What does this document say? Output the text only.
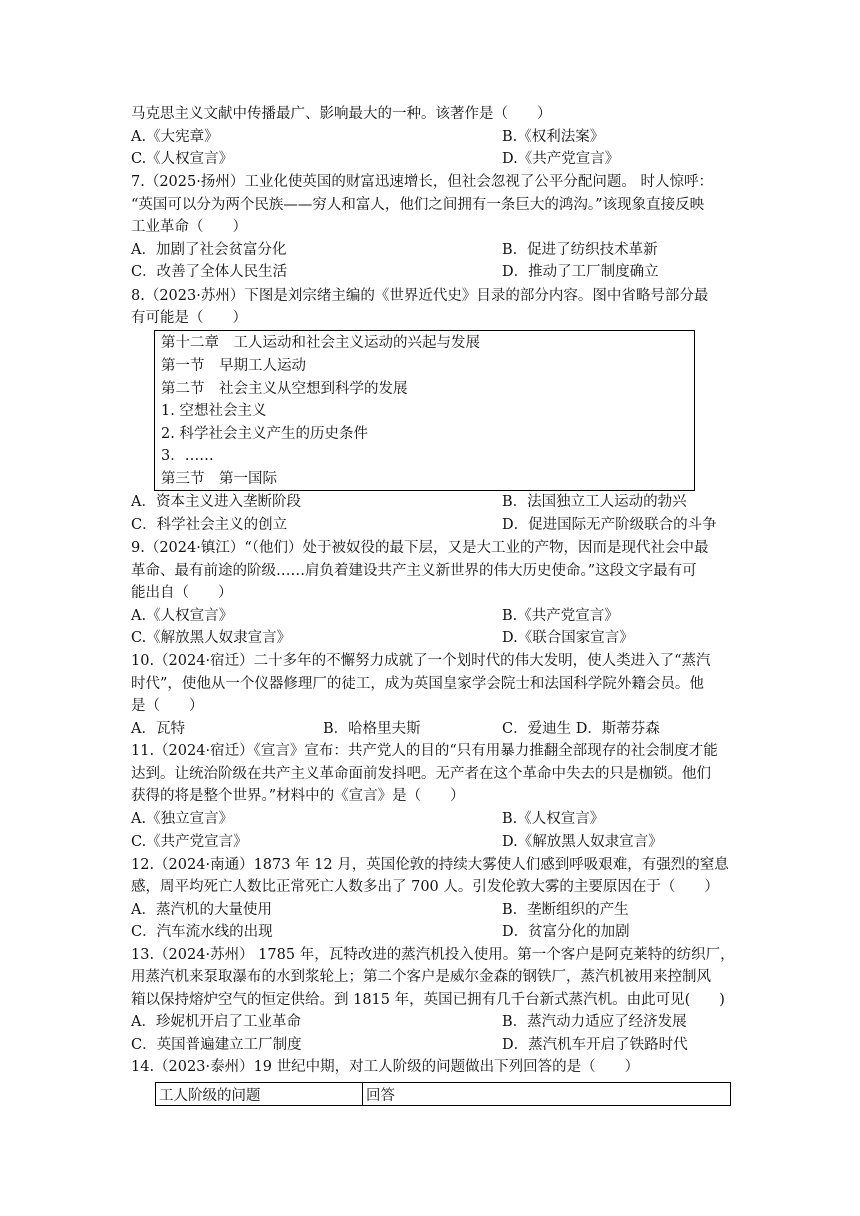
马克思主义文献中传播最广、影响最大的一种。该著作是（　　）
A.《大宪章》	B.《权利法案》
C.《人权宣言》	D.《共产党宣言》
7.（2025·扬州）工业化使英国的财富迅速增长，但社会忽视了公平分配问题。 时人惊呼：
“英国可以分为两个民族——穷人和富人，他们之间拥有一条巨大的鸿沟。”该现象直接反映
工业革命（　　）
A．加剧了社会贫富分化	B．促进了纺织技术革新
C．改善了全体人民生活	D．推动了工厂制度确立
8.（2023·苏州）下图是刘宗绪主编的《世界近代史》目录的部分内容。图中省略号部分最
有可能是（　　）
第十二章　工人运动和社会主义运动的兴起与发展
第一节　早期工人运动
第二节　社会主义从空想到科学的发展
1. 空想社会主义
2. 科学社会主义产生的历史条件
3．……
第三节　第一国际
A．资本主义进入垄断阶段	B．法国独立工人运动的勃兴
C．科学社会主义的创立	D．促进国际无产阶级联合的斗争
9.（2024·镇江）“（他们）处于被奴役的最下层，又是大工业的产物，因而是现代社会中最
革命、最有前途的阶级……肩负着建设共产主义新世界的伟大历史使命。”这段文字最有可
能出自（　　）
A.《人权宣言》	B.《共产党宣言》
C.《解放黑人奴隶宣言》	D.《联合国家宣言》
10.（2024·宿迁）二十多年的不懈努力成就了一个划时代的伟大发明，使人类进入了“蒸汽
时代”，使他从一个仪器修理厂的徒工，成为英国皇家学会院士和法国科学院外籍会员。他
是（　　）
A．瓦特	B．哈格里夫斯	C．爱迪生 D．斯蒂芬森
11.（2024·宿迁）《宣言》宣布：共产党人的目的“只有用暴力推翻全部现存的社会制度才能
达到。让统治阶级在共产主义革命面前发抖吧。无产者在这个革命中失去的只是枷锁。他们
获得的将是整个世界。”材料中的《宣言》是（　　）
A.《独立宣言》	B.《人权宣言》
C.《共产党宣言》	D.《解放黑人奴隶宣言》
12.（2024·南通）1873 年 12 月，英国伦敦的持续大雾使人们感到呼吸艰难，有强烈的窒息
感，周平均死亡人数比正常死亡人数多出了 700 人。引发伦敦大雾的主要原因在于（　　）
A．蒸汽机的大量使用	B．垄断组织的产生
C．汽车流水线的出现	D．贫富分化的加剧
13.（2024·苏州） 1785 年，瓦特改进的蒸汽机投入使用。第一个客户是阿克莱特的纺织厂，
用蒸汽机来泵取瀑布的水到浆轮上；第二个客户是威尔金森的钢铁厂，蒸汽机被用来控制风
箱以保持熔炉空气的恒定供给。到 1815 年，英国已拥有几千台新式蒸汽机。由此可见(　　)
A．珍妮机开启了工业革命	B．蒸汽动力适应了经济发展
C．英国普遍建立工厂制度	D．蒸汽机车开启了铁路时代
14.（2023·泰州）19 世纪中期，对工人阶级的问题做出下列回答的是（　　）
工人阶级的问题	回答
